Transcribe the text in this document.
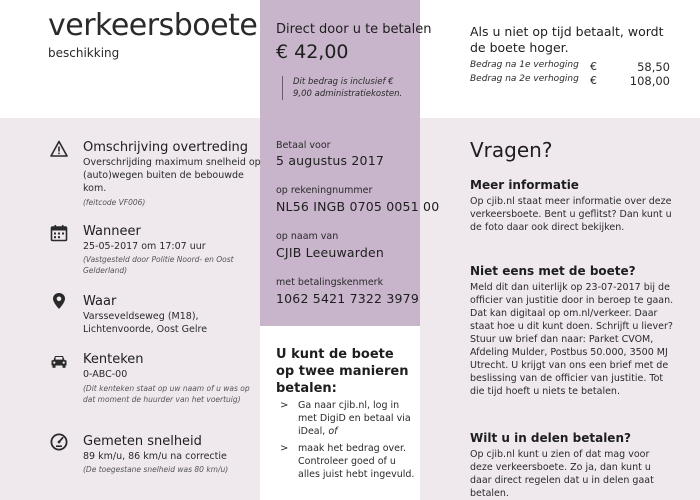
verkeersboete
beschikking
Direct door u te betalen
€ 42,00
Dit bedrag is inclusief € 9,00 administratiekosten.
Betaal voor
5 augustus 2017
op rekeningnummer
NL56 INGB 0705 0051 00
op naam van
CJIB Leeuwarden
met betalingskenmerk
1062 5421 7322 3979
U kunt de boete op twee manieren betalen:
> Ga naar cjib.nl, log in met DigiD en betaal via iDeal, of
> maak het bedrag over. Controleer goed of u alles juist hebt ingevuld.
Als u niet op tijd betaalt, wordt de boete hoger.
Bedrag na 1e verhoging €	58,50
Bedrag na 2e verhoging €	108,00
Omschrijving overtreding
Overschrijding maximum snelheid op (auto)wegen buiten de bebouwde kom.
(feitcode VF006)
Wanneer
25-05-2017 om 17:07 uur
(Vastgesteld door Politie Noord- en Oost Gelderland)
Waar
Varsseveldseweg (M18), Lichtenvoorde, Oost Gelre
Kenteken
0-ABC-00
(Dit kenteken staat op uw naam of u was op dat moment de huurder van het voertuig)
Gemeten snelheid
89 km/u, 86 km/u na correctie
(De toegestane snelheid was 80 km/u)
Vragen?
Meer informatie
Op cjib.nl staat meer informatie over deze verkeersboete. Bent u geflitst? Dan kunt u de foto daar ook direct bekijken.
Niet eens met de boete?
Meld dit dan uiterlijk op 23-07-2017 bij de officier van justitie door in beroep te gaan. Dat kan digitaal op om.nl/verkeer. Daar staat hoe u dit kunt doen. Schrijft u liever? Stuur uw brief dan naar: Parket CVOM, Afdeling Mulder, Postbus 50.000, 3500 MJ Utrecht. U krijgt van ons een brief met de beslissing van de officier van justitie. Tot die tijd hoeft u niets te betalen.
Wilt u in delen betalen?
Op cjib.nl kunt u zien of dat mag voor deze verkeersboete. Zo ja, dan kunt u daar direct regelen dat u in delen gaat betalen.
